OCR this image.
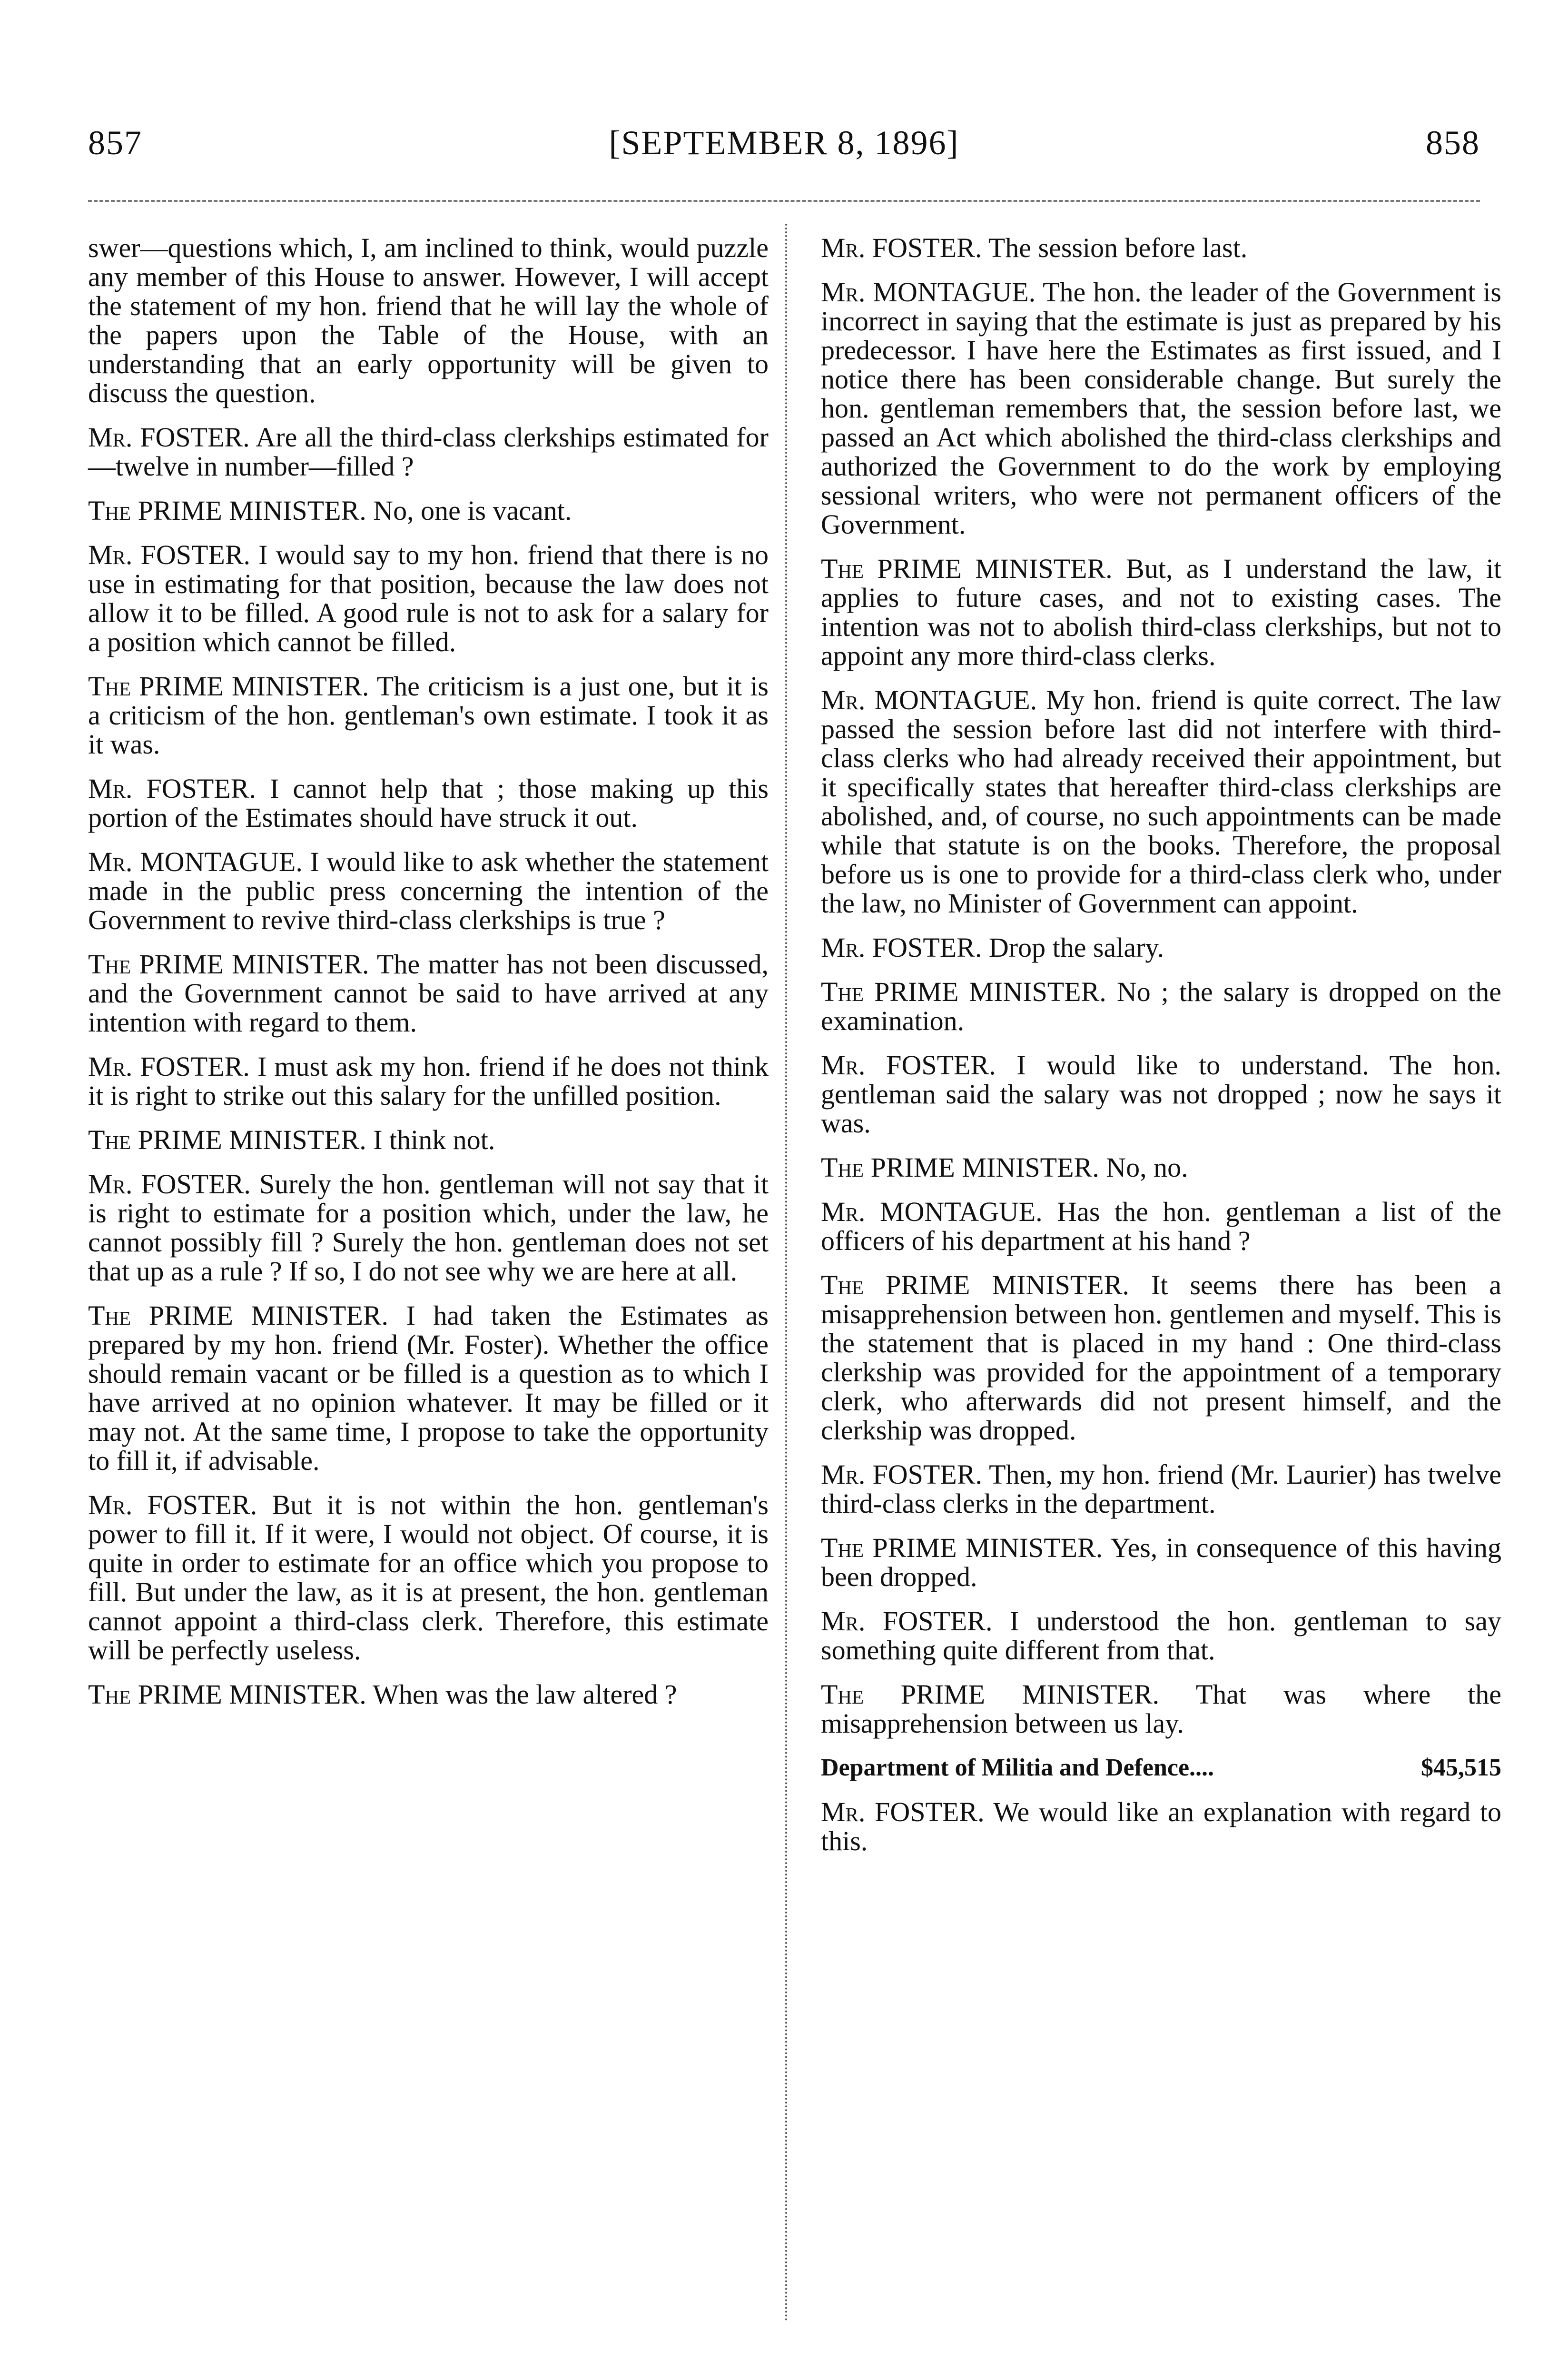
857	[SEPTEMBER 8, 1896]	858

swer—questions which, I, am inclined to think, would puzzle any member of this House to answer. However, I will accept the statement of my hon. friend that he will lay the whole of the papers upon the Table of the House, with an understanding that an early opportunity will be given to discuss the question.

Mr. FOSTER. Are all the third-class clerkships estimated for—twelve in number—filled ?

The PRIME MINISTER. No, one is vacant.

Mr. FOSTER. I would say to my hon. friend that there is no use in estimating for that position, because the law does not allow it to be filled. A good rule is not to ask for a salary for a position which cannot be filled.

The PRIME MINISTER. The criticism is a just one, but it is a criticism of the hon. gentleman's own estimate. I took it as it was.

Mr. FOSTER. I cannot help that ; those making up this portion of the Estimates should have struck it out.

Mr. MONTAGUE. I would like to ask whether the statement made in the public press concerning the intention of the Government to revive third-class clerkships is true ?

The PRIME MINISTER. The matter has not been discussed, and the Government cannot be said to have arrived at any intention with regard to them.

Mr. FOSTER. I must ask my hon. friend if he does not think it is right to strike out this salary for the unfilled position.

The PRIME MINISTER. I think not.

Mr. FOSTER. Surely the hon. gentleman will not say that it is right to estimate for a position which, under the law, he cannot possibly fill ? Surely the hon. gentleman does not set that up as a rule ? If so, I do not see why we are here at all.

The PRIME MINISTER. I had taken the Estimates as prepared by my hon. friend (Mr. Foster). Whether the office should remain vacant or be filled is a question as to which I have arrived at no opinion whatever. It may be filled or it may not. At the same time, I propose to take the opportunity to fill it, if advisable.

Mr. FOSTER. But it is not within the hon. gentleman's power to fill it. If it were, I would not object. Of course, it is quite in order to estimate for an office which you propose to fill. But under the law, as it is at present, the hon. gentleman cannot appoint a third-class clerk. Therefore, this estimate will be perfectly useless.

The PRIME MINISTER. When was the law altered ?

Mr. FOSTER. The session before last.

Mr. MONTAGUE. The hon. the leader of the Government is incorrect in saying that the estimate is just as prepared by his predecessor. I have here the Estimates as first issued, and I notice there has been considerable change. But surely the hon. gentleman remembers that, the session before last, we passed an Act which abolished the third-class clerkships and authorized the Government to do the work by employing sessional writers, who were not permanent officers of the Government.

The PRIME MINISTER. But, as I understand the law, it applies to future cases, and not to existing cases. The intention was not to abolish third-class clerkships, but not to appoint any more third-class clerks.

Mr. MONTAGUE. My hon. friend is quite correct. The law passed the session before last did not interfere with third-class clerks who had already received their appointment, but it specifically states that hereafter third-class clerkships are abolished, and, of course, no such appointments can be made while that statute is on the books. Therefore, the proposal before us is one to provide for a third-class clerk who, under the law, no Minister of Government can appoint.

Mr. FOSTER. Drop the salary.

The PRIME MINISTER. No ; the salary is dropped on the examination.

Mr. FOSTER. I would like to understand. The hon. gentleman said the salary was not dropped ; now he says it was.

The PRIME MINISTER. No, no.

Mr. MONTAGUE. Has the hon. gentleman a list of the officers of his department at his hand ?

The PRIME MINISTER. It seems there has been a misapprehension between hon. gentlemen and myself. This is the statement that is placed in my hand : One third-class clerkship was provided for the appointment of a temporary clerk, who afterwards did not present himself, and the clerkship was dropped.

Mr. FOSTER. Then, my hon. friend (Mr. Laurier) has twelve third-class clerks in the department.

The PRIME MINISTER. Yes, in consequence of this having been dropped.

Mr. FOSTER. I understood the hon. gentleman to say something quite different from that.

The PRIME MINISTER. That was where the misapprehension between us lay.

Department of Militia and Defence....	$45,515

Mr. FOSTER. We would like an explanation with regard to this.
